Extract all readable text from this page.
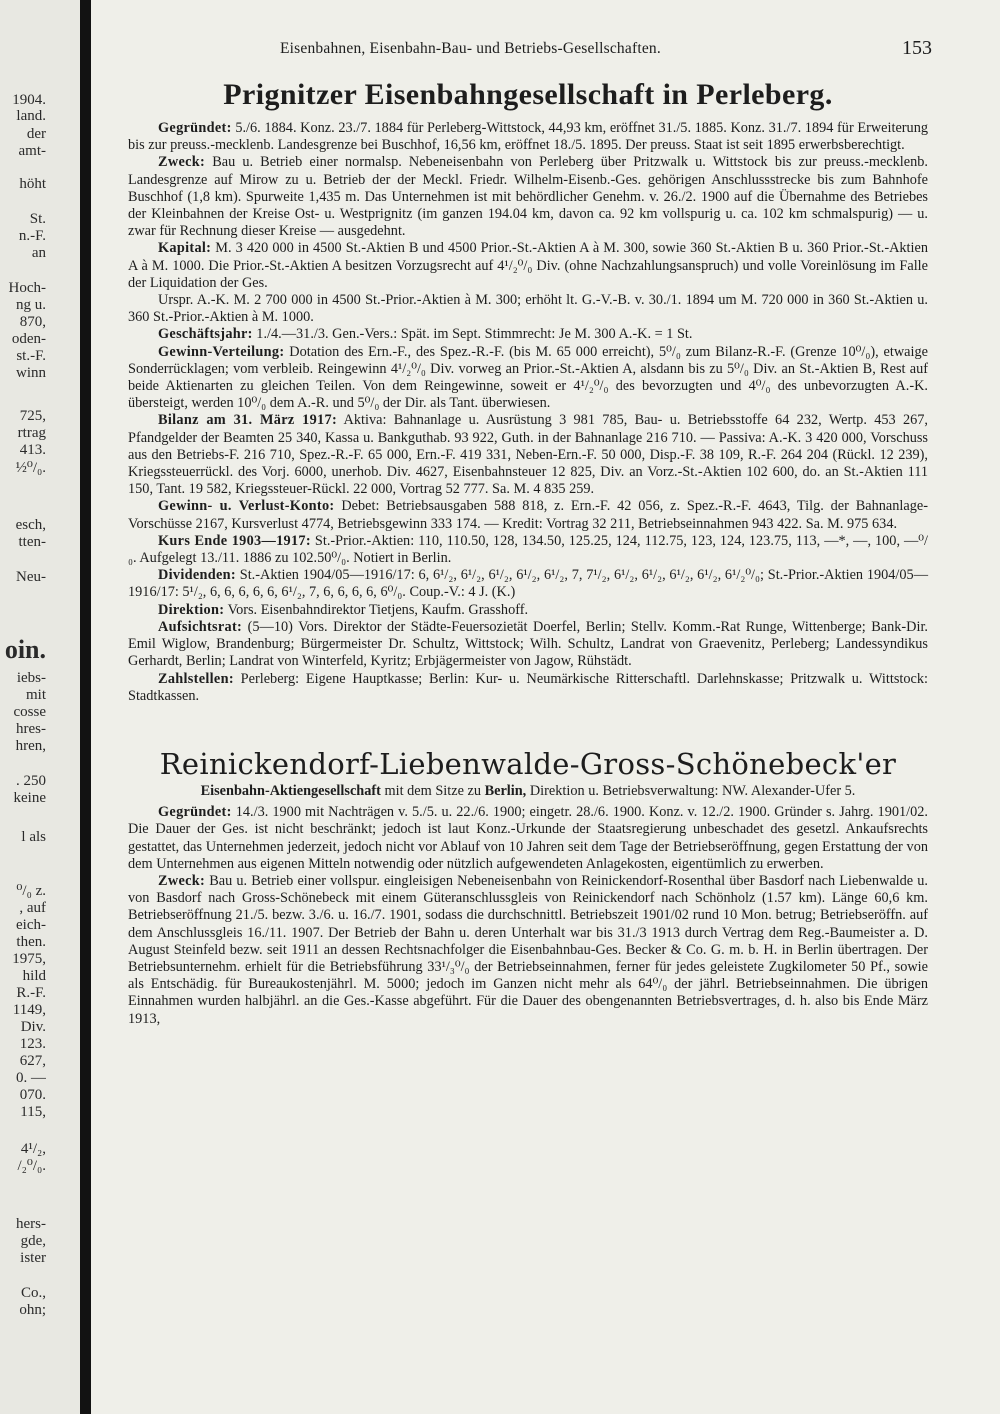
1904.
land.
der
amt-
höht
St.
n.-F.
an
Hoch-
ng u.
870,
oden-
st.-F.
winn
725,
rtrag
413.
½⁰/₀.
esch,
tten-
Neu-
oin.
iebs-
mit
cosse
hres-
hren,
. 250
keine
l als
⁰/₀ z.
, auf
eich-
then.
1975,
hild
R.-F.
1149,
Div.
123.
627,
0. —
070.
115,
4¹/₂,
/₂⁰/₀.
hers-
gde,
ister
Co.,
ohn;
Eisenbahnen, Eisenbahn-Bau- und Betriebs-Gesellschaften.	153
Prignitzer Eisenbahngesellschaft in Perleberg.

Gegründet: 5./6. 1884. Konz. 23./7. 1884 für Perleberg-Wittstock, 44,93 km, eröffnet 31./5. 1885. Konz. 31./7. 1894 für Erweiterung bis zur preuss.-mecklenb. Landesgrenze bei Buschhof, 16,56 km, eröffnet 18./5. 1895. Der preuss. Staat ist seit 1895 erwerbsberechtigt.

Zweck: Bau u. Betrieb einer normalsp. Nebeneisenbahn von Perleberg über Pritzwalk u. Wittstock bis zur preuss.-mecklenb. Landesgrenze auf Mirow zu u. Betrieb der der Meckl. Friedr. Wilhelm-Eisenb.-Ges. gehörigen Anschlussstrecke bis zum Bahnhofe Buschhof (1,8 km). Spurweite 1,435 m. Das Unternehmen ist mit behördlicher Genehm. v. 26./2. 1900 auf die Übernahme des Betriebes der Kleinbahnen der Kreise Ost- u. Westprignitz (im ganzen 194.04 km, davon ca. 92 km vollspurig u. ca. 102 km schmalspurig) — u. zwar für Rechnung dieser Kreise — ausgedehnt.

Kapital: M. 3 420 000 in 4500 St.-Aktien B und 4500 Prior.-St.-Aktien A à M. 300, sowie 360 St.-Aktien B u. 360 Prior.-St.-Aktien A à M. 1000. Die Prior.-St.-Aktien A besitzen Vorzugsrecht auf 4¹/₂⁰/₀ Div. (ohne Nachzahlungsanspruch) und volle Voreinlösung im Falle der Liquidation der Ges.

Urspr. A.-K. M. 2 700 000 in 4500 St.-Prior.-Aktien à M. 300; erhöht lt. G.-V.-B. v. 30./1. 1894 um M. 720 000 in 360 St.-Aktien u. 360 St.-Prior.-Aktien à M. 1000.

Geschäftsjahr: 1./4.—31./3. Gen.-Vers.: Spät. im Sept. Stimmrecht: Je M. 300 A.-K. = 1 St.

Gewinn-Verteilung: Dotation des Ern.-F., des Spez.-R.-F. (bis M. 65 000 erreicht), 5⁰/₀ zum Bilanz-R.-F. (Grenze 10⁰/₀), etwaige Sonderrücklagen; vom verbleib. Reingewinn 4¹/₂⁰/₀ Div. vorweg an Prior.-St.-Aktien A, alsdann bis zu 5⁰/₀ Div. an St.-Aktien B, Rest auf beide Aktienarten zu gleichen Teilen. Von dem Reingewinne, soweit er 4¹/₂⁰/₀ des bevorzugten und 4⁰/₀ des unbevorzugten A.-K. übersteigt, werden 10⁰/₀ dem A.-R. und 5⁰/₀ der Dir. als Tant. überwiesen.

Bilanz am 31. März 1917: Aktiva: Bahnanlage u. Ausrüstung 3 981 785, Bau- u. Betriebsstoffe 64 232, Wertp. 453 267, Pfandgelder der Beamten 25 340, Kassa u. Bankguthab. 93 922, Guth. in der Bahnanlage 216 710. — Passiva: A.-K. 3 420 000, Vorschuss aus den Betriebs-F. 216 710, Spez.-R.-F. 65 000, Ern.-F. 419 331, Neben-Ern.-F. 50 000, Disp.-F. 38 109, R.-F. 264 204 (Rückl. 12 239), Kriegssteuerrückl. des Vorj. 6000, unerhob. Div. 4627, Eisenbahnsteuer 12 825, Div. an Vorz.-St.-Aktien 102 600, do. an St.-Aktien 111 150, Tant. 19 582, Kriegssteuer-Rückl. 22 000, Vortrag 52 777. Sa. M. 4 835 259.

Gewinn- u. Verlust-Konto: Debet: Betriebsausgaben 588 818, z. Ern.-F. 42 056, z. Spez.-R.-F. 4643, Tilg. der Bahnanlage-Vorschüsse 2167, Kursverlust 4774, Betriebsgewinn 333 174. — Kredit: Vortrag 32 211, Betriebseinnahmen 943 422. Sa. M. 975 634.

Kurs Ende 1903—1917: St.-Prior.-Aktien: 110, 110.50, 128, 134.50, 125.25, 124, 112.75, 123, 124, 123.75, 113, —*, —, 100, —⁰/₀. Aufgelegt 13./11. 1886 zu 102.50⁰/₀. Notiert in Berlin.

Dividenden: St.-Aktien 1904/05—1916/17: 6, 6¹/₂, 6¹/₂, 6¹/₂, 6¹/₂, 6¹/₂, 7, 7¹/₂, 6¹/₂, 6¹/₂, 6¹/₂, 6¹/₂, 6¹/₂⁰/₀; St.-Prior.-Aktien 1904/05—1916/17: 5¹/₂, 6, 6, 6, 6, 6, 6¹/₂, 7, 6, 6, 6, 6, 6⁰/₀. Coup.-V.: 4 J. (K.)

Direktion: Vors. Eisenbahndirektor Tietjens, Kaufm. Grasshoff.

Aufsichtsrat: (5—10) Vors. Direktor der Städte-Feuersozietät Doerfel, Berlin; Stellv. Komm.-Rat Runge, Wittenberge; Bank-Dir. Emil Wiglow, Brandenburg; Bürgermeister Dr. Schultz, Wittstock; Wilh. Schultz, Landrat von Graevenitz, Perleberg; Landessyndikus Gerhardt, Berlin; Landrat von Winterfeld, Kyritz; Erbjägermeister von Jagow, Rühstädt.

Zahlstellen: Perleberg: Eigene Hauptkasse; Berlin: Kur- u. Neumärkische Ritterschaftl. Darlehnskasse; Pritzwalk u. Wittstock: Stadtkassen.

Reinickendorf-Liebenwalde-Gross-Schönebeck'er

Eisenbahn-Aktiengesellschaft mit dem Sitze zu Berlin, Direktion u. Betriebsverwaltung: NW. Alexander-Ufer 5.

Gegründet: 14./3. 1900 mit Nachträgen v. 5./5. u. 22./6. 1900; eingetr. 28./6. 1900. Konz. v. 12./2. 1900. Gründer s. Jahrg. 1901/02. Die Dauer der Ges. ist nicht beschränkt; jedoch ist laut Konz.-Urkunde der Staatsregierung unbeschadet des gesetzl. Ankaufsrechts gestattet, das Unternehmen jederzeit, jedoch nicht vor Ablauf von 10 Jahren seit dem Tage der Betriebseröffnung, gegen Erstattung der von dem Unternehmen aus eigenen Mitteln notwendig oder nützlich aufgewendeten Anlagekosten, eigentümlich zu erwerben.

Zweck: Bau u. Betrieb einer vollspur. eingleisigen Nebeneisenbahn von Reinickendorf-Rosenthal über Basdorf nach Liebenwalde u. von Basdorf nach Gross-Schönebeck mit einem Güteranschlussgleis von Reinickendorf nach Schönholz (1.57 km). Länge 60,6 km. Betriebseröffnung 21./5. bezw. 3./6. u. 16./7. 1901, sodass die durchschnittl. Betriebszeit 1901/02 rund 10 Mon. betrug; Betriebseröffn. auf dem Anschlussgleis 16./11. 1907. Der Betrieb der Bahn u. deren Unterhalt war bis 31./3 1913 durch Vertrag dem Reg.-Baumeister a. D. August Steinfeld bezw. seit 1911 an dessen Rechtsnachfolger die Eisenbahnbau-Ges. Becker & Co. G. m. b. H. in Berlin übertragen. Der Betriebsunternehm. erhielt für die Betriebsführung 33¹/₃⁰/₀ der Betriebseinnahmen, ferner für jedes geleistete Zugkilometer 50 Pf., sowie als Entschädig. für Bureaukostenjährl. M. 5000; jedoch im Ganzen nicht mehr als 64⁰/₀ der jährl. Betriebseinnahmen. Die übrigen Einnahmen wurden halbjährl. an die Ges.-Kasse abgeführt. Für die Dauer des obengenannten Betriebsvertrages, d. h. also bis Ende März 1913,
